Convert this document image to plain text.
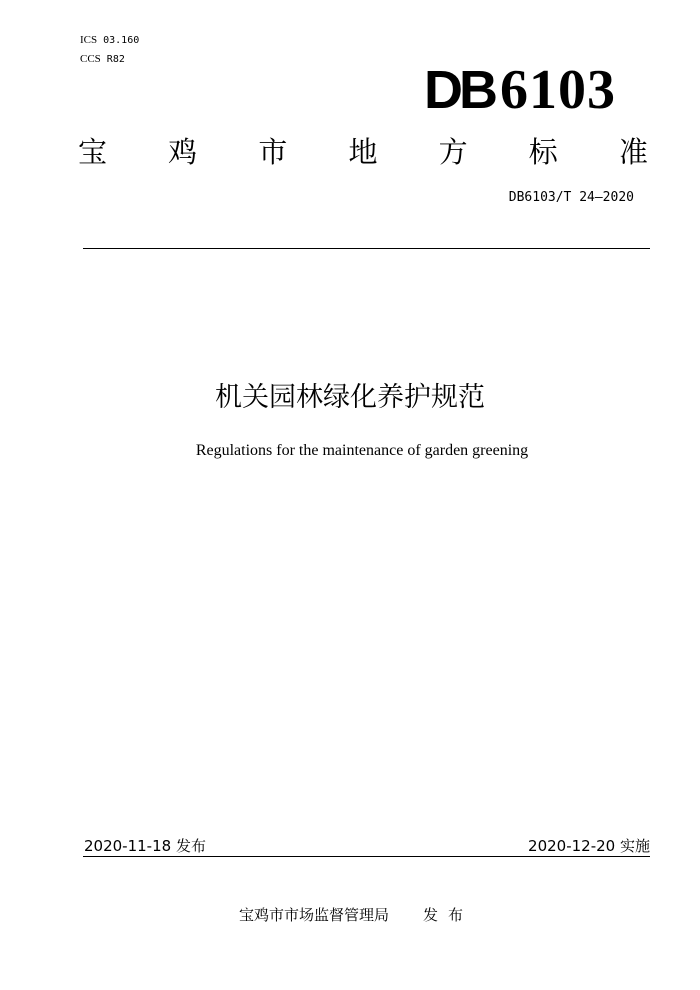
ICS 03.160
CCS R82
DB 6103
宝 鸡 市 地 方 标 准
DB6103/T 24—2020
机关园林绿化养护规范
Regulations for the maintenance of garden greening
2020-11-18 发布	2020-12-20 实施
宝鸡市市场监督管理局 发布
